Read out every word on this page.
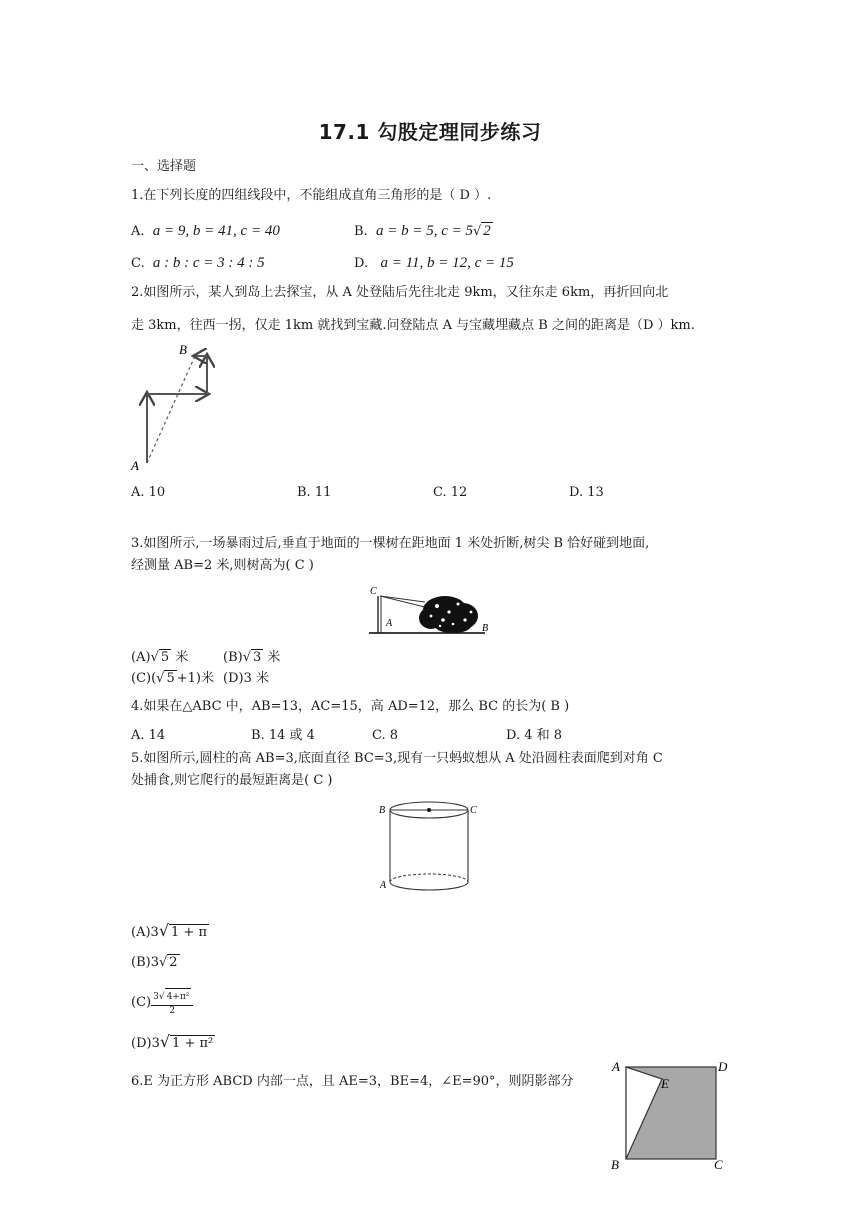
17.1 勾股定理同步练习
一、选择题
1.在下列长度的四组线段中，不能组成直角三角形的是（ D ）.
A. a = 9, b = 41, c = 40	B. a = b = 5, c = 5√ 2
C. a : b : c = 3 : 4 : 5	D. a = 11, b = 12, c = 15
2.如图所示，某人到岛上去探宝，从 A 处登陆后先往北走 9km，又往东走 6km，再折回向北
走 3km，往西一拐，仅走 1km 就找到宝藏.问登陆点 A 与宝藏埋藏点 B 之间的距离是（D ）km.
A
B
A. 10	B. 11	C. 12	D. 13
3.如图所示,一场暴雨过后,垂直于地面的一棵树在距地面 1 米处折断,树尖 B 恰好碰到地面,
经测量 AB=2 米,则树高为( C )
C
A	B
(A)√ 5 米	(B)√ 3 米
(C)(√ 5 +1)米 (D)3 米
4.如果在△ABC 中，AB=13，AC=15，高 AD=12，那么 BC 的长为( B )
A. 14	B. 14 或 4	C. 8	D. 4 和 8
5.如图所示,圆柱的高 AB=3,底面直径 BC=3,现有一只蚂蚁想从 A 处沿圆柱表面爬到对角 C
处捕食,则它爬行的最短距离是( C )
B	C
A
(A)3√ 1 + π
(B)3√ 2
$(C) \frac{\text{3√ 4+π²}}{2}$
(D)3√ 1 + π²
6.E 为正方形 ABCD 内部一点，且 AE=3，BE=4，∠E=90°，则阴影部分
A	D
E
B	C
